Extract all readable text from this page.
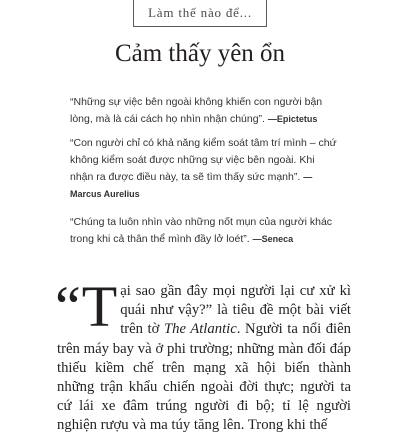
Làm thế nào để...
Cảm thấy yên ổn
“Những sự việc bên ngoài không khiến con người bận lòng, mà là cái cách họ nhìn nhận chúng”. —Epictetus
“Con người chỉ có khả năng kiểm soát tâm trí mình – chứ không kiểm soát được những sự việc bên ngoài. Khi nhận ra được điều này, ta sẽ tìm thấy sức mạnh”. —Marcus Aurelius
“Chúng ta luôn nhìn vào những nốt mụn của người khác trong khi cả thân thể mình đầy lở loét”. —Seneca
“ T ại sao gần đây mọi người lại cư xử kì quái như vậy?” là tiêu đề một bài viết trên tờ The Atlantic. Người ta nổi điên trên máy bay và ở phi trường; những màn đối đáp thiếu kiềm chế trên mạng xã hội biến thành những trận khẩu chiến ngoài đời thực; người ta cứ lái xe đâm trúng người đi bộ; tỉ lệ người nghiện rượu và ma túy tăng lên. Trong khi thế
